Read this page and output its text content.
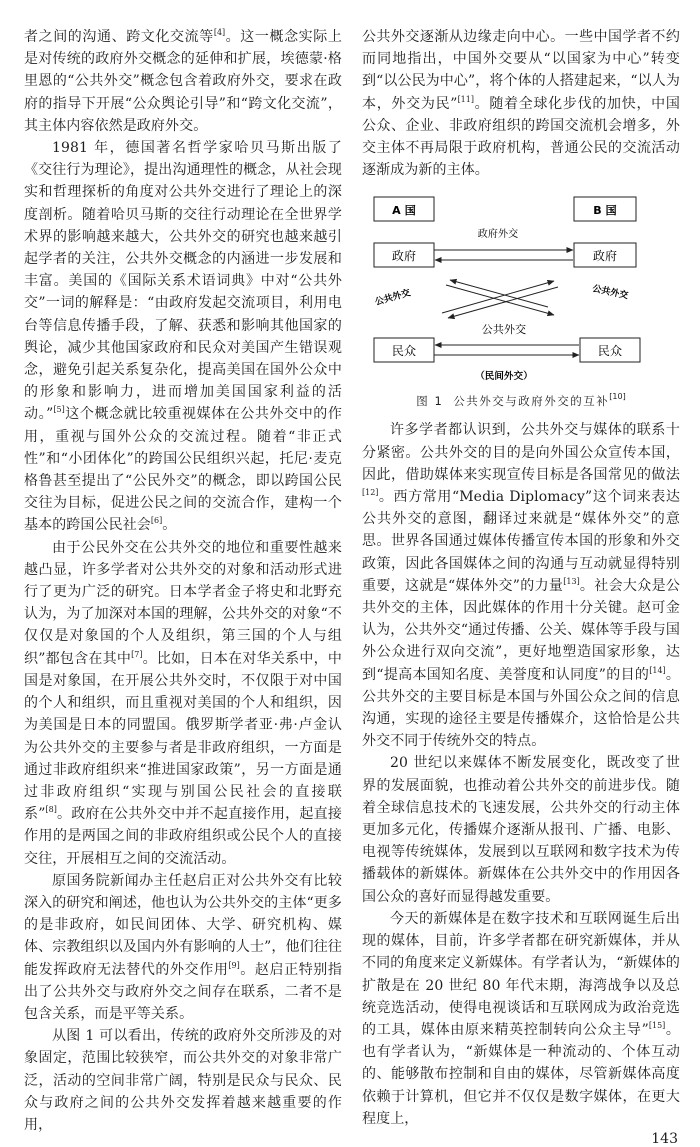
者之间的沟通、跨文化交流等[4]。这一概念实际上是对传统的政府外交概念的延伸和扩展，埃德蒙·格里恩的“公共外交”概念包含着政府外交，要求在政府的指导下开展“公众舆论引导”和“跨文化交流”，其主体内容依然是政府外交。

1981 年，德国著名哲学家哈贝马斯出版了《交往行为理论》，提出沟通理性的概念，从社会现实和哲理探析的角度对公共外交进行了理论上的深度剖析。随着哈贝马斯的交往行动理论在全世界学术界的影响越来越大，公共外交的研究也越来越引起学者的关注，公共外交概念的内涵进一步发展和丰富。美国的《国际关系术语词典》中对“公共外交”一词的解释是：“由政府发起交流项目，利用电台等信息传播手段，了解、获悉和影响其他国家的舆论，减少其他国家政府和民众对美国产生错误观念，避免引起关系复杂化，提高美国在国外公众中的形象和影响力，进而增加美国国家利益的活动。”[5]这个概念就比较重视媒体在公共外交中的作用，重视与国外公众的交流过程。随着“非正式性”和“小团体化”的跨国公民组织兴起，托尼·麦克格鲁甚至提出了“公民外交”的概念，即以跨国公民交往为目标，促进公民之间的交流合作，建构一个基本的跨国公民社会[6]。

由于公民外交在公共外交的地位和重要性越来越凸显，许多学者对公共外交的对象和活动形式进行了更为广泛的研究。日本学者金子将史和北野充认为，为了加深对本国的理解，公共外交的对象“不仅仅是对象国的个人及组织，第三国的个人与组织”都包含在其中[7]。比如，日本在对华关系中，中国是对象国，在开展公共外交时，不仅限于对中国的个人和组织，而且重视对美国的个人和组织，因为美国是日本的同盟国。俄罗斯学者亚·弗·卢金认为公共外交的主要参与者是非政府组织，一方面是通过非政府组织来“推进国家政策”，另一方面是通过非政府组织“实现与别国公民社会的直接联系”[8]。政府在公共外交中并不起直接作用，起直接作用的是两国之间的非政府组织或公民个人的直接交往，开展相互之间的交流活动。

原国务院新闻办主任赵启正对公共外交有比较深入的研究和阐述，他也认为公共外交的主体“更多的是非政府，如民间团体、大学、研究机构、媒体、宗教组织以及国内外有影响的人士”，他们往往能发挥政府无法替代的外交作用[9]。赵启正特别指出了公共外交与政府外交之间存在联系，二者不是包含关系，而是平等关系。

从图 1 可以看出，传统的政府外交所涉及的对象固定，范围比较狭窄，而公共外交的对象非常广泛，活动的空间非常广阔，特别是民众与民众、民众与政府之间的公共外交发挥着越来越重要的作用，

公共外交逐渐从边缘走向中心。一些中国学者不约而同地指出，中国外交要从“以国家为中心”转变到“以公民为中心”，将个体的人搭建起来，“以人为本，外交为民”[11]。随着全球化步伐的加快，中国公众、企业、非政府组织的跨国交流机会增多，外交主体不再局限于政府机构，普通公民的交流活动逐渐成为新的主体。

A 国	B 国
政府外交
政府	政府
公共外交	公共外交
公共外交
民众	民众
（民间外交）
图 1 公共外交与政府外交的互补[10]

许多学者都认识到，公共外交与媒体的联系十分紧密。公共外交的目的是向外国公众宣传本国，因此，借助媒体来实现宣传目标是各国常见的做法[12]。西方常用“Media Diplomacy”这个词来表达公共外交的意图，翻译过来就是“媒体外交”的意思。世界各国通过媒体传播宣传本国的形象和外交政策，因此各国媒体之间的沟通与互动就显得特别重要，这就是“媒体外交”的力量[13]。社会大众是公共外交的主体，因此媒体的作用十分关键。赵可金认为，公共外交“通过传播、公关、媒体等手段与国外公众进行双向交流”，更好地塑造国家形象，达到“提高本国知名度、美誉度和认同度”的目的[14]。公共外交的主要目标是本国与外国公众之间的信息沟通，实现的途径主要是传播媒介，这恰恰是公共外交不同于传统外交的特点。

20 世纪以来媒体不断发展变化，既改变了世界的发展面貌，也推动着公共外交的前进步伐。随着全球信息技术的飞速发展，公共外交的行动主体更加多元化，传播媒介逐渐从报刊、广播、电影、电视等传统媒体，发展到以互联网和数字技术为传播载体的新媒体。新媒体在公共外交中的作用因各国公众的喜好而显得越发重要。

今天的新媒体是在数字技术和互联网诞生后出现的媒体，目前，许多学者都在研究新媒体，并从不同的角度来定义新媒体。有学者认为，“新媒体的扩散是在 20 世纪 80 年代末期，海湾战争以及总统竞选活动，使得电视谈话和互联网成为政治竞选的工具，媒体由原来精英控制转向公众主导”[15]。也有学者认为，“新媒体是一种流动的、个体互动的、能够散布控制和自由的媒体，尽管新媒体高度依赖于计算机，但它并不仅仅是数字媒体，在更大程度上，

143
